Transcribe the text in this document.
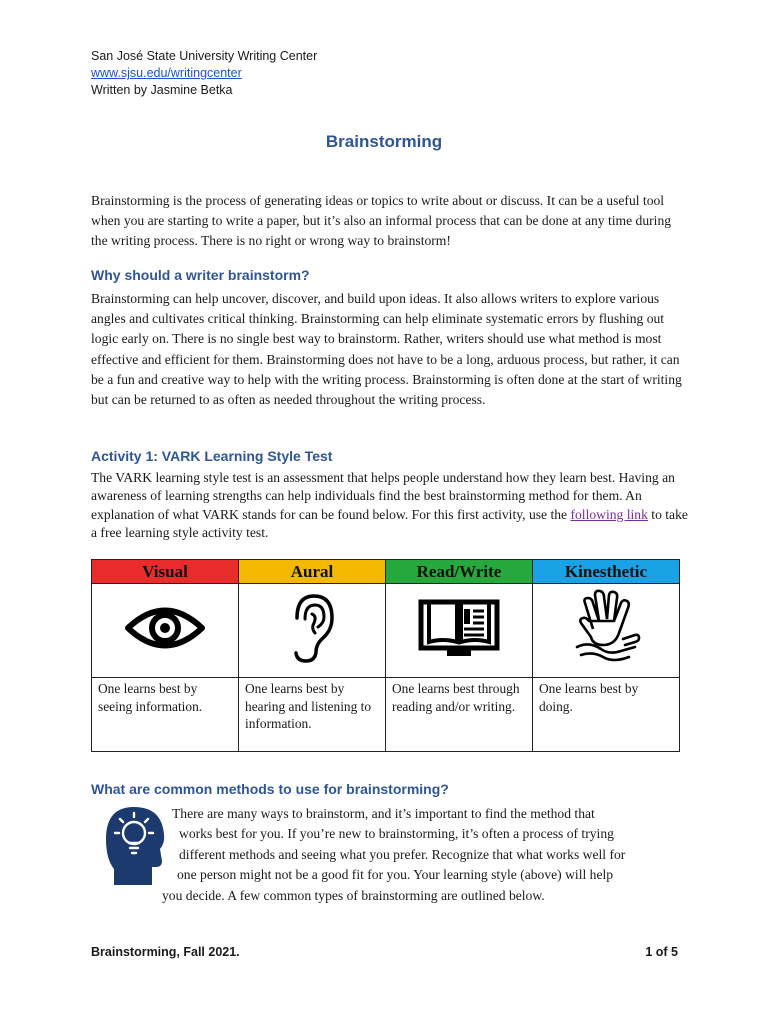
San José State University Writing Center
www.sjsu.edu/writingcenter
Written by Jasmine Betka
Brainstorming

Brainstorming is the process of generating ideas or topics to write about or discuss. It can be a useful tool when you are starting to write a paper, but it’s also an informal process that can be done at any time during the writing process. There is no right or wrong way to brainstorm!

Why should a writer brainstorm?

Brainstorming can help uncover, discover, and build upon ideas. It also allows writers to explore various angles and cultivates critical thinking. Brainstorming can help eliminate systematic errors by flushing out logic early on. There is no single best way to brainstorm. Rather, writers should use what method is most effective and efficient for them. Brainstorming does not have to be a long, arduous process, but rather, it can be a fun and creative way to help with the writing process. Brainstorming is often done at the start of writing but can be returned to as often as needed throughout the writing process.

Activity 1: VARK Learning Style Test

The VARK learning style test is an assessment that helps people understand how they learn best. Having an awareness of learning strengths can help individuals find the best brainstorming method for them. An explanation of what VARK stands for can be found below. For this first activity, use the following link to take a free learning style activity test.

Visual	Aural	Read/Write	Kinesthetic

One learns best by seeing information.	One learns best by hearing and listening to information.	One learns best through reading and/or writing.	One learns best by doing.
What are common methods to use for brainstorming?
There are many ways to brainstorm, and it’s important to find the method that
works best for you. If you’re new to brainstorming, it’s often a process of trying
different methods and seeing what you prefer. Recognize that what works well for
one person might not be a good fit for you. Your learning style (above) will help
you decide. A few common types of brainstorming are outlined below.
Brainstorming, Fall 2021.	1 of 5
